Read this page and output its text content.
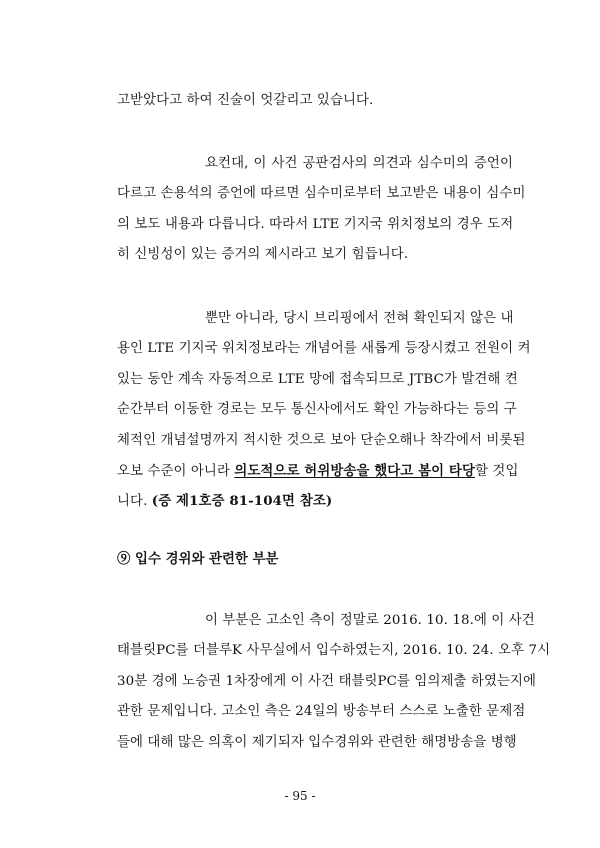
고받았다고 하여 진술이 엇갈리고 있습니다.
요컨대, 이 사건 공판검사의 의견과 심수미의 증언이
다르고 손용석의 증언에 따르면 심수미로부터 보고받은 내용이 심수미
의 보도 내용과 다릅니다. 따라서 LTE 기지국 위치정보의 경우 도저
히 신빙성이 있는 증거의 제시라고 보기 힘듭니다.
뿐만 아니라, 당시 브리핑에서 전혀 확인되지 않은 내
용인 LTE 기지국 위치정보라는 개념어를 새롭게 등장시켰고 전원이 켜
있는 동안 계속 자동적으로 LTE 망에 접속되므로 JTBC가 발견해 켠
순간부터 이동한 경로는 모두 통신사에서도 확인 가능하다는 등의 구
체적인 개념설명까지 적시한 것으로 보아 단순오해나 착각에서 비롯된
오보 수준이 아니라 의도적으로 허위방송을 했다고 봄이 타당할 것입
니다. (증 제1호증 81-104면 참조)
⑨ 입수 경위와 관련한 부분
이 부분은 고소인 측이 정말로 2016. 10. 18.에 이 사건
태블릿PC를 더블루K 사무실에서 입수하였는지, 2016. 10. 24. 오후 7시
30분 경에 노승권 1차장에게 이 사건 태블릿PC를 임의제출 하였는지에
관한 문제입니다. 고소인 측은 24일의 방송부터 스스로 노출한 문제점
들에 대해 많은 의혹이 제기되자 입수경위와 관련한 해명방송을 병행
- 95 -
